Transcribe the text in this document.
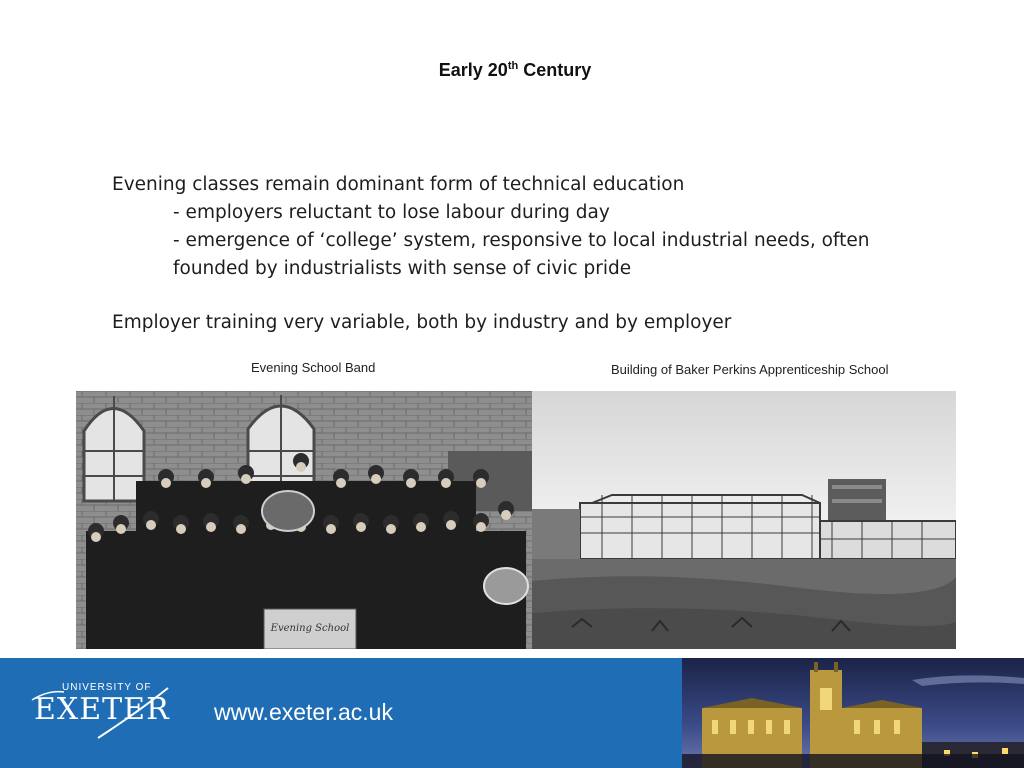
Early 20th Century

Evening classes remain dominant form of technical education

- employers reluctant to lose labour during day

- emergence of ‘college’ system, responsive to local industrial needs, often

founded by industrialists with sense of civic pride

Employer training very variable, both by industry and by employer

Evening School Band	Building of Baker Perkins Apprenticeship School
Evening School
UNIVERSITY OF
EXETER www.exeter.ac.uk
